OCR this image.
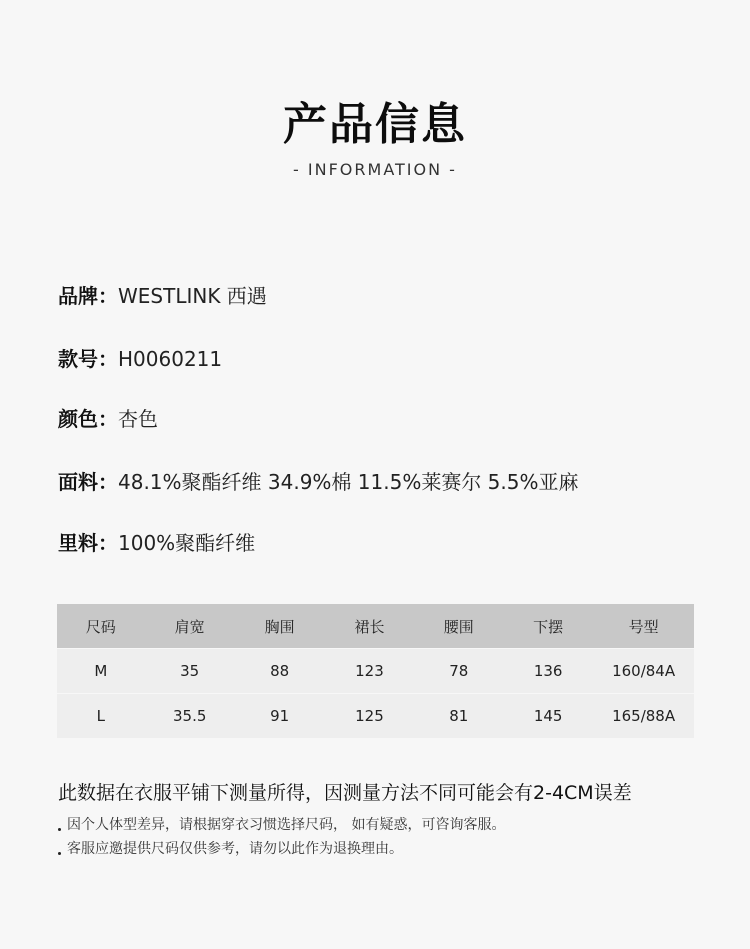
产品信息
- INFORMATION -
品牌：WESTLINK 西遇
款号：H0060211
颜色：杏色
面料：48.1%聚酯纤维 34.9%棉 11.5%莱赛尔 5.5%亚麻
里料：100%聚酯纤维
尺码	肩宽	胸围	裙长	腰围	下摆	号型
M	35	88	123	78	136	160/84A
L	35.5	91	125	81	145	165/88A
此数据在衣服平铺下测量所得，因测量方法不同可能会有2-4CM误差
因个人体型差异，请根据穿衣习惯选择尺码， 如有疑惑，可咨询客服。
客服应邀提供尺码仅供参考，请勿以此作为退换理由。
